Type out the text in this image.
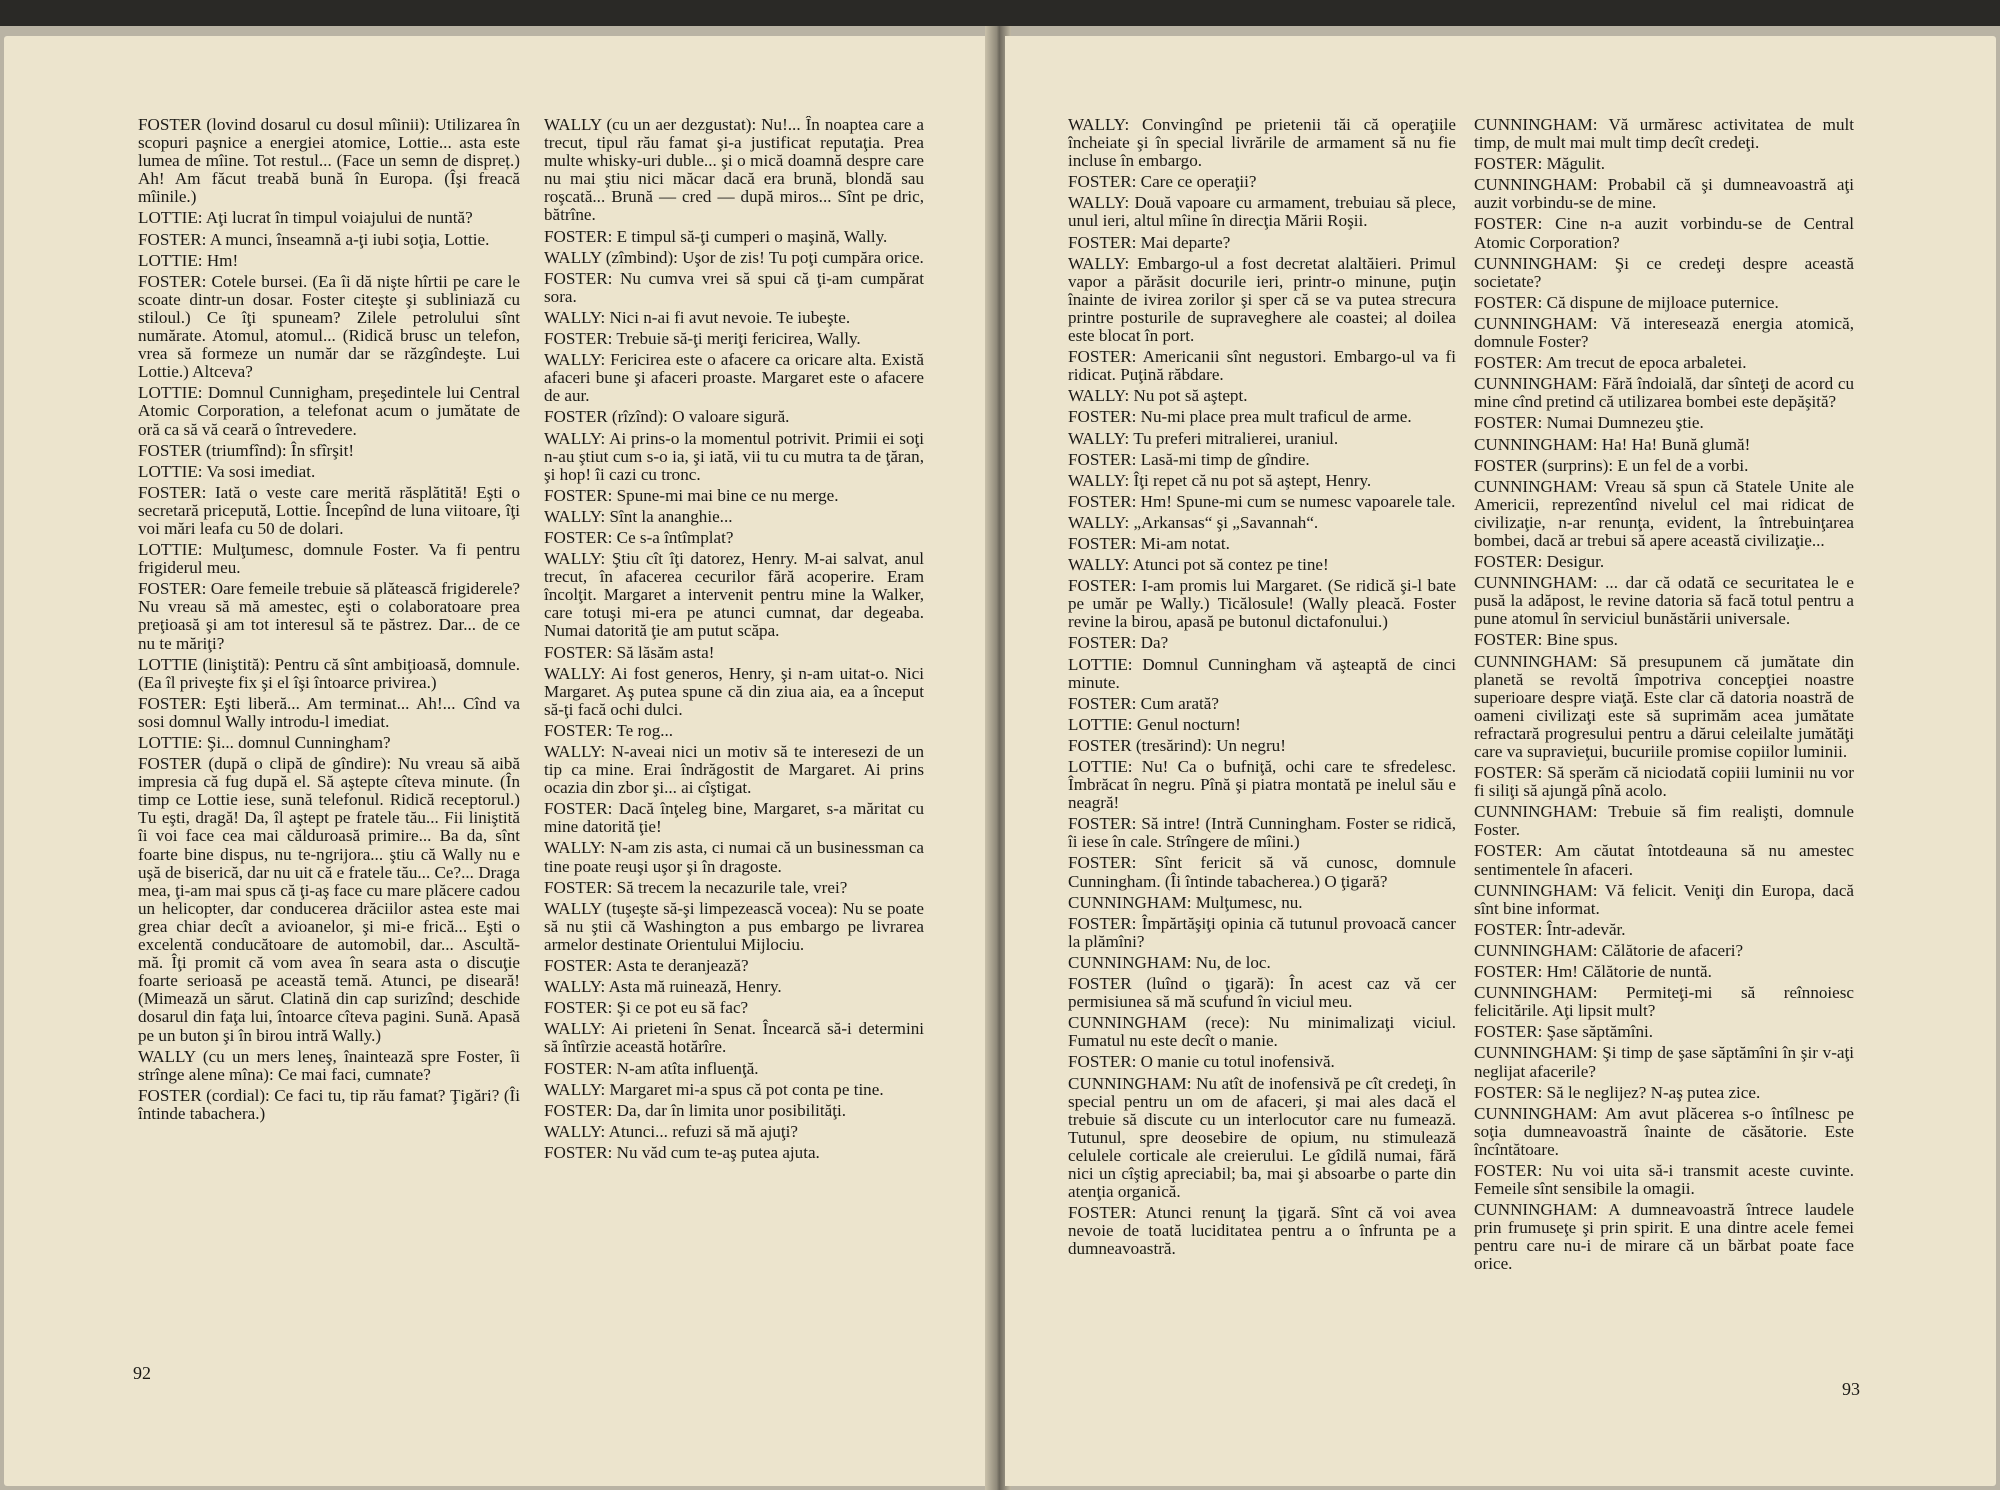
FOSTER (lovind dosarul cu dosul mîinii): Utilizarea în scopuri paşnice a energiei atomice, Lottie... asta este lumea de mîine. Tot restul... (Face un semn de dispreț.) Ah! Am făcut treabă bună în Europa. (Îşi freacă mîinile.)

LOTTIE: Aţi lucrat în timpul voiajului de nuntă?

FOSTER: A munci, înseamnă a-ţi iubi soţia, Lottie.

LOTTIE: Hm!

FOSTER: Cotele bursei. (Ea îi dă nişte hîrtii pe care le scoate dintr-un dosar. Foster citeşte şi subliniază cu stiloul.) Ce îţi spuneam? Zilele petrolului sînt numărate. Atomul, atomul... (Ridică brusc un telefon, vrea să formeze un număr dar se răzgîndeşte. Lui Lottie.) Altceva?

LOTTIE: Domnul Cunnigham, preşedintele lui Central Atomic Corporation, a telefonat acum o jumătate de oră ca să vă ceară o întrevedere.

FOSTER (triumfînd): În sfîrşit!

LOTTIE: Va sosi imediat.

FOSTER: Iată o veste care merită răsplătită! Eşti o secretară pricepută, Lottie. Începînd de luna viitoare, îţi voi mări leafa cu 50 de dolari.

LOTTIE: Mulţumesc, domnule Foster. Va fi pentru frigiderul meu.

FOSTER: Oare femeile trebuie să plătească frigiderele? Nu vreau să mă amestec, eşti o colaboratoare prea preţioasă şi am tot interesul să te păstrez. Dar... de ce nu te măriţi?

LOTTIE (liniştită): Pentru că sînt ambiţioasă, domnule. (Ea îl priveşte fix şi el îşi întoarce privirea.)

FOSTER: Eşti liberă... Am terminat... Ah!... Cînd va sosi domnul Wally introdu-l imediat.

LOTTIE: Şi... domnul Cunningham?

FOSTER (după o clipă de gîndire): Nu vreau să aibă impresia că fug după el. Să aştepte cîteva minute. (În timp ce Lottie iese, sună telefonul. Ridică receptorul.) Tu eşti, dragă! Da, îl aştept pe fratele tău... Fii liniştită îi voi face cea mai călduroasă primire... Ba da, sînt foarte bine dispus, nu te-ngrijora... ştiu că Wally nu e uşă de biserică, dar nu uit că e fratele tău... Ce?... Draga mea, ţi-am mai spus că ţi-aş face cu mare plăcere cadou un helicopter, dar conducerea drăciilor astea este mai grea chiar decît a avioanelor, şi mi-e frică... Eşti o excelentă conducătoare de automobil, dar... Ascultă-mă. Îţi promit că vom avea în seara asta o discuţie foarte serioasă pe această temă. Atunci, pe diseară! (Mimează un sărut. Clatină din cap surizînd; deschide dosarul din faţa lui, întoarce cîteva pagini. Sună. Apasă pe un buton şi în birou intră Wally.)

WALLY (cu un mers leneş, înaintează spre Foster, îi strînge alene mîna): Ce mai faci, cumnate?

FOSTER (cordial): Ce faci tu, tip rău famat? Ţigări? (Îi întinde tabachera.)

WALLY (cu un aer dezgustat): Nu!... În noaptea care a trecut, tipul rău famat şi-a justificat reputaţia. Prea multe whisky-uri duble... şi o mică doamnă despre care nu mai ştiu nici măcar dacă era brună, blondă sau roşcată... Brună — cred — după miros... Sînt pe dric, bătrîne.

FOSTER: E timpul să-ţi cumperi o maşină, Wally.

WALLY (zîmbind): Uşor de zis! Tu poţi cumpăra orice.

FOSTER: Nu cumva vrei să spui că ţi-am cumpărat sora.

WALLY: Nici n-ai fi avut nevoie. Te iubeşte.

FOSTER: Trebuie să-ţi meriţi fericirea, Wally.

WALLY: Fericirea este o afacere ca oricare alta. Există afaceri bune şi afaceri proaste. Margaret este o afacere de aur.

FOSTER (rîzînd): O valoare sigură.

WALLY: Ai prins-o la momentul potrivit. Primii ei soţi n-au ştiut cum s-o ia, şi iată, vii tu cu mutra ta de ţăran, şi hop! îi cazi cu tronc.

FOSTER: Spune-mi mai bine ce nu merge.

WALLY: Sînt la ananghie...

FOSTER: Ce s-a întîmplat?

WALLY: Ştiu cît îţi datorez, Henry. M-ai salvat, anul trecut, în afacerea cecurilor fără acoperire. Eram încolţit. Margaret a intervenit pentru mine la Walker, care totuşi mi-era pe atunci cumnat, dar degeaba. Numai datorită ţie am putut scăpa.

FOSTER: Să lăsăm asta!

WALLY: Ai fost generos, Henry, şi n-am uitat-o. Nici Margaret. Aş putea spune că din ziua aia, ea a început să-ţi facă ochi dulci.

FOSTER: Te rog...

WALLY: N-aveai nici un motiv să te interesezi de un tip ca mine. Erai îndrăgostit de Margaret. Ai prins ocazia din zbor şi... ai cîştigat.

FOSTER: Dacă înţeleg bine, Margaret, s-a măritat cu mine datorită ţie!

WALLY: N-am zis asta, ci numai că un businessman ca tine poate reuşi uşor şi în dragoste.

FOSTER: Să trecem la necazurile tale, vrei?

WALLY (tuşeşte să-şi limpezească vocea): Nu se poate să nu ştii că Washington a pus embargo pe livrarea armelor destinate Orientului Mijlociu.

FOSTER: Asta te deranjează?

WALLY: Asta mă ruinează, Henry.

FOSTER: Şi ce pot eu să fac?

WALLY: Ai prieteni în Senat. Încearcă să-i determini să întîrzie această hotărîre.

FOSTER: N-am atîta influenţă.

WALLY: Margaret mi-a spus că pot conta pe tine.

FOSTER: Da, dar în limita unor posibilităţi.

WALLY: Atunci... refuzi să mă ajuţi?

FOSTER: Nu văd cum te-aş putea ajuta.

92

WALLY: Convingînd pe prietenii tăi că operaţiile încheiate şi în special livrările de armament să nu fie incluse în embargo.

FOSTER: Care ce operaţii?

WALLY: Două vapoare cu armament, trebuiau să plece, unul ieri, altul mîine în direcţia Mării Roşii.

FOSTER: Mai departe?

WALLY: Embargo-ul a fost decretat alaltăieri. Primul vapor a părăsit docurile ieri, printr-o minune, puţin înainte de ivirea zorilor şi sper că se va putea strecura printre posturile de supraveghere ale coastei; al doilea este blocat în port.

FOSTER: Americanii sînt negustori. Embargo-ul va fi ridicat. Puţină răbdare.

WALLY: Nu pot să aştept.

FOSTER: Nu-mi place prea mult traficul de arme.

WALLY: Tu preferi mitralierei, uraniul.

FOSTER: Lasă-mi timp de gîndire.

WALLY: Îţi repet că nu pot să aştept, Henry.

FOSTER: Hm! Spune-mi cum se numesc vapoarele tale.

WALLY: „Arkansas“ şi „Savannah“.

FOSTER: Mi-am notat.

WALLY: Atunci pot să contez pe tine!

FOSTER: I-am promis lui Margaret. (Se ridică şi-l bate pe umăr pe Wally.) Ticălosule! (Wally pleacă. Foster revine la birou, apasă pe butonul dictafonului.)

FOSTER: Da?

LOTTIE: Domnul Cunningham vă aşteaptă de cinci minute.

FOSTER: Cum arată?

LOTTIE: Genul nocturn!

FOSTER (tresărind): Un negru!

LOTTIE: Nu! Ca o bufniţă, ochi care te sfredelesc. Îmbrăcat în negru. Pînă şi piatra montată pe inelul său e neagră!

FOSTER: Să intre! (Intră Cunningham. Foster se ridică, îi iese în cale. Strîngere de mîini.)

FOSTER: Sînt fericit să vă cunosc, domnule Cunningham. (Îi întinde tabacherea.) O ţigară?

CUNNINGHAM: Mulţumesc, nu.

FOSTER: Împărtăşiţi opinia că tutunul provoacă cancer la plămîni?

CUNNINGHAM: Nu, de loc.

FOSTER (luînd o ţigară): În acest caz vă cer permisiunea să mă scufund în viciul meu.

CUNNINGHAM (rece): Nu minimalizaţi viciul. Fumatul nu este decît o manie.

FOSTER: O manie cu totul inofensivă.

CUNNINGHAM: Nu atît de inofensivă pe cît credeţi, în special pentru un om de afaceri, şi mai ales dacă el trebuie să discute cu un interlocutor care nu fumează. Tutunul, spre deosebire de opium, nu stimulează celulele corticale ale creierului. Le gîdilă numai, fără nici un cîştig apreciabil; ba, mai şi absoarbe o parte din atenţia organică.

FOSTER: Atunci renunţ la ţigară. Sînt că voi avea nevoie de toată luciditatea pentru a o înfrunta pe a dumneavoastră.

CUNNINGHAM: Vă urmăresc activitatea de mult timp, de mult mai mult timp decît credeţi.

FOSTER: Măgulit.

CUNNINGHAM: Probabil că şi dumneavoastră aţi auzit vorbindu-se de mine.

FOSTER: Cine n-a auzit vorbindu-se de Central Atomic Corporation?

CUNNINGHAM: Şi ce credeţi despre această societate?

FOSTER: Că dispune de mijloace puternice.

CUNNINGHAM: Vă interesează energia atomică, domnule Foster?

FOSTER: Am trecut de epoca arbaletei.

CUNNINGHAM: Fără îndoială, dar sînteţi de acord cu mine cînd pretind că utilizarea bombei este depăşită?

FOSTER: Numai Dumnezeu ştie.

CUNNINGHAM: Ha! Ha! Bună glumă!

FOSTER (surprins): E un fel de a vorbi.

CUNNINGHAM: Vreau să spun că Statele Unite ale Americii, reprezentînd nivelul cel mai ridicat de civilizaţie, n-ar renunţa, evident, la întrebuinţarea bombei, dacă ar trebui să apere această civilizaţie...

FOSTER: Desigur.

CUNNINGHAM: ... dar că odată ce securitatea le e pusă la adăpost, le revine datoria să facă totul pentru a pune atomul în serviciul bunăstării universale.

FOSTER: Bine spus.

CUNNINGHAM: Să presupunem că jumătate din planetă se revoltă împotriva concepţiei noastre superioare despre viaţă. Este clar că datoria noastră de oameni civilizaţi este să suprimăm acea jumătate refractară progresului pentru a dărui celeilalte jumătăţi care va supravieţui, bucuriile promise copiilor luminii.

FOSTER: Să sperăm că niciodată copiii luminii nu vor fi siliţi să ajungă pînă acolo.

CUNNINGHAM: Trebuie să fim realişti, domnule Foster.

FOSTER: Am căutat întotdeauna să nu amestec sentimentele în afaceri.

CUNNINGHAM: Vă felicit. Veniţi din Europa, dacă sînt bine informat.

FOSTER: Într-adevăr.

CUNNINGHAM: Călătorie de afaceri?

FOSTER: Hm! Călătorie de nuntă.

CUNNINGHAM: Permiteţi-mi să reînnoiesc felicitările. Aţi lipsit mult?

FOSTER: Şase săptămîni.

CUNNINGHAM: Şi timp de şase săptămîni în şir v-aţi neglijat afacerile?

FOSTER: Să le neglijez? N-aş putea zice.

CUNNINGHAM: Am avut plăcerea s-o întîlnesc pe soţia dumneavoastră înainte de căsătorie. Este încîntătoare.

FOSTER: Nu voi uita să-i transmit aceste cuvinte. Femeile sînt sensibile la omagii.

CUNNINGHAM: A dumneavoastră întrece laudele prin frumuseţe şi prin spirit. E una dintre acele femei pentru care nu-i de mirare că un bărbat poate face orice.

93
